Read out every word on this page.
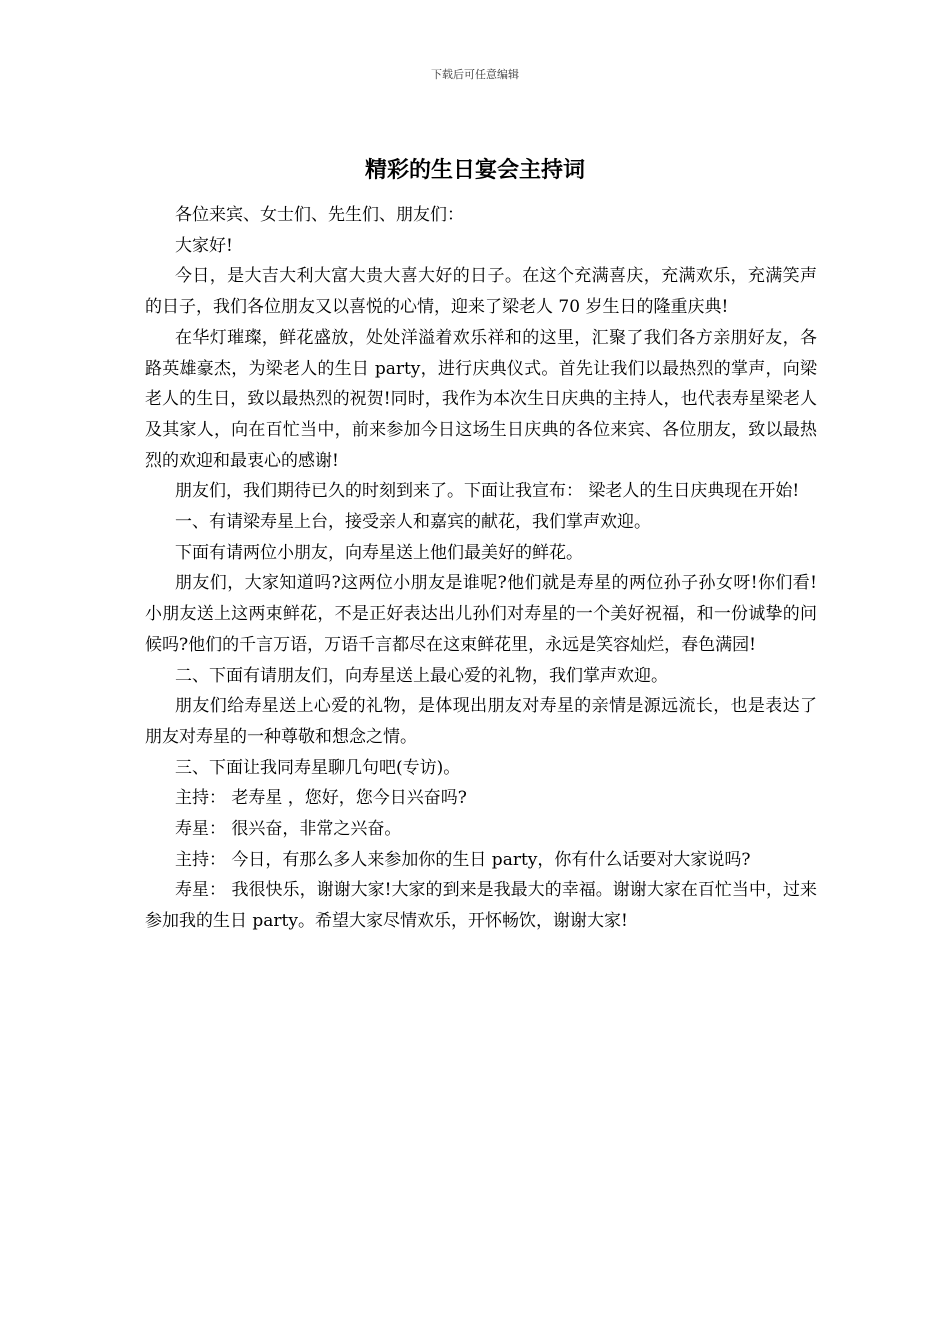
下载后可任意编辑
精彩的生日宴会主持词

各位来宾、女士们、先生们、朋友们：

大家好!

今日，是大吉大利大富大贵大喜大好的日子。在这个充满喜庆，充满欢乐，充满笑声的日子，我们各位朋友又以喜悦的心情，迎来了梁老人 70 岁生日的隆重庆典!

在华灯璀璨，鲜花盛放，处处洋溢着欢乐祥和的这里，汇聚了我们各方亲朋好友，各路英雄豪杰，为梁老人的生日 party，进行庆典仪式。首先让我们以最热烈的掌声，向梁老人的生日，致以最热烈的祝贺!同时，我作为本次生日庆典的主持人，也代表寿星梁老人及其家人，向在百忙当中，前来参加今日这场生日庆典的各位来宾、各位朋友，致以最热烈的欢迎和最衷心的感谢!

朋友们，我们期待已久的时刻到来了。下面让我宣布： 梁老人的生日庆典现在开始!

一、有请梁寿星上台，接受亲人和嘉宾的献花，我们掌声欢迎。

下面有请两位小朋友，向寿星送上他们最美好的鲜花。

朋友们，大家知道吗?这两位小朋友是谁呢?他们就是寿星的两位孙子孙女呀!你们看!小朋友送上这两束鲜花，不是正好表达出儿孙们对寿星的一个美好祝福，和一份诚挚的问候吗?他们的千言万语，万语千言都尽在这束鲜花里，永远是笑容灿烂，春色满园!

二、下面有请朋友们，向寿星送上最心爱的礼物，我们掌声欢迎。

朋友们给寿星送上心爱的礼物，是体现出朋友对寿星的亲情是源远流长，也是表达了朋友对寿星的一种尊敬和想念之情。

三、下面让我同寿星聊几句吧(专访)。

主持： 老寿星 ，您好，您今日兴奋吗?

寿星： 很兴奋，非常之兴奋。

主持： 今日，有那么多人来参加你的生日 party，你有什么话要对大家说吗?

寿星： 我很快乐，谢谢大家!大家的到来是我最大的幸福。谢谢大家在百忙当中，过来参加我的生日 party。希望大家尽情欢乐，开怀畅饮，谢谢大家!
